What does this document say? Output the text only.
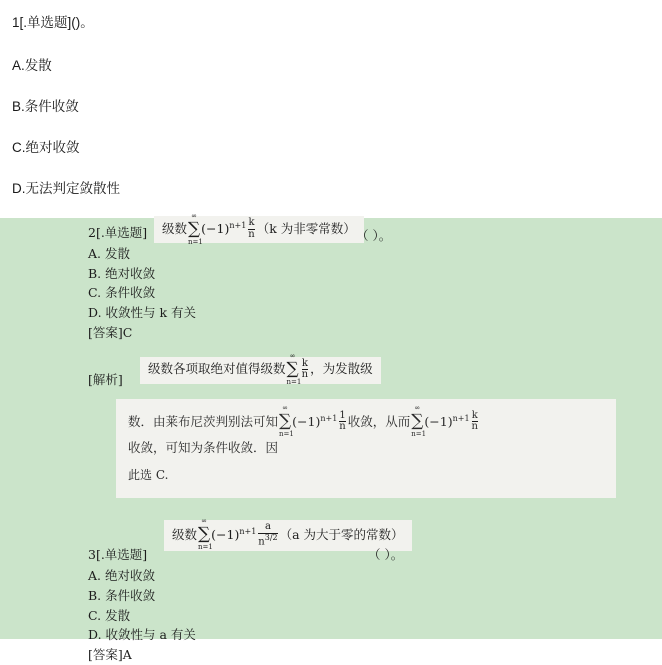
1[.单选题]()。

A.发散

B.条件收敛

C.绝对收敛

D.无法判定敛散性

2[.单选题]	级数
∞
∑
n=1
$(-1)^{n+1} \frac{k}{n} (k$ 为非零常数） （ ）。
A. 发散
B. 绝对收敛
C. 条件收敛
D. 收敛性与 k 有关
[答案]C
[解析]
级数各项取绝对值得级数
∞
∑
n=1
$\frac{k}{n}$ ，为发散级
数．由莱布尼茨判别法可知
∞
∑
n=1
$(-1)^{n+1} \frac{1}{n}$ 收敛，从而
∞
∑
n=1
$(-1)^{n+1} \frac{k}{n}$
收敛，可知为条件收敛．因
此选 C.
3[.单选题]
级数
∞
∑
n=1
$(-1)^{n+1} \frac{a}{n^{3/2}} (a$ 为大于零的常数）
（ ）。
A. 绝对收敛
B. 条件收敛
C. 发散
D. 收敛性与 a 有关
[答案]A
